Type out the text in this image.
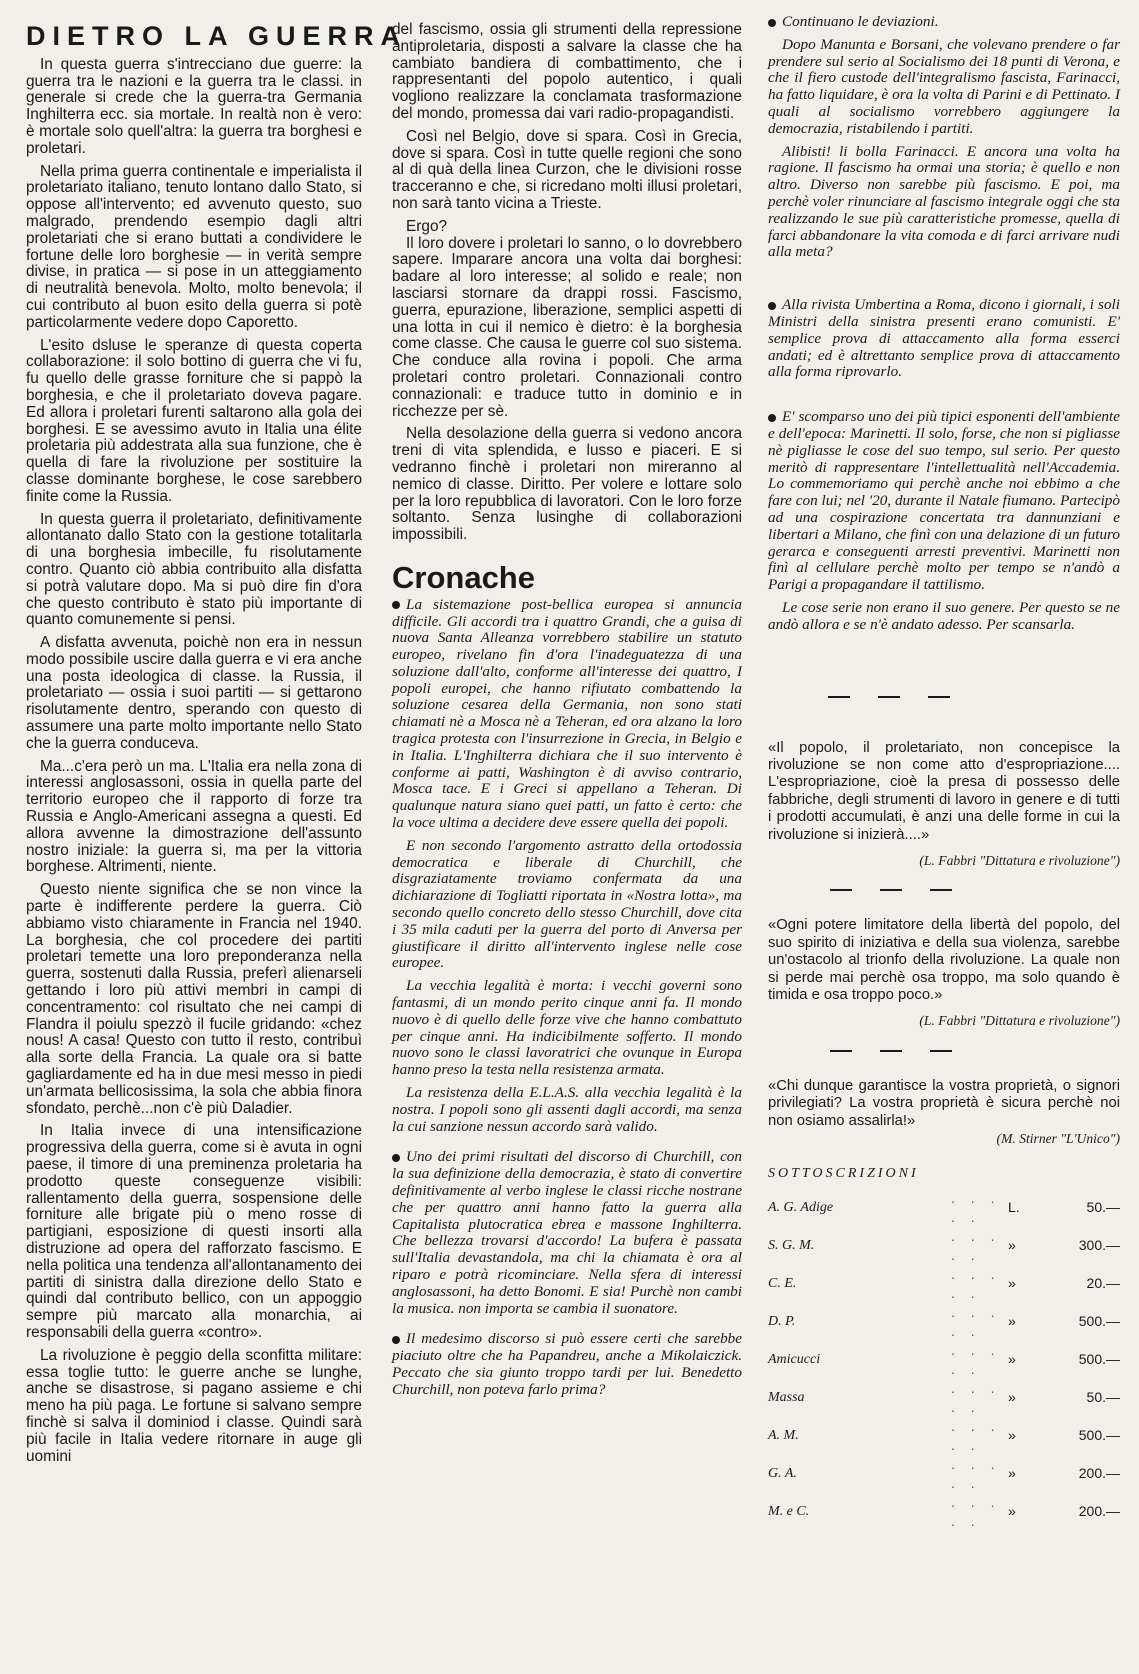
DIETRO LA GUERRA

In questa guerra s'intrecciano due guerre: la guerra tra le nazioni e la guerra tra le classi. in generale si crede che la guerra-tra Germania Inghilterra ecc. sia mortale. In realtà non è vero: è mortale solo quell'altra: la guerra tra borghesi e proletari.

Nella prima guerra continentale e imperialista il proletariato italiano, tenuto lontano dallo Stato, si oppose all'intervento; ed avvenuto questo, suo malgrado, prendendo esempio dagli altri proletariati che si erano buttati a condividere le fortune delle loro borghesie — in verità sempre divise, in pratica — si pose in un atteggiamento di neutralità benevola. Molto, molto benevola; il cui contributo al buon esito della guerra si potè particolarmente vedere dopo Caporetto.

L'esito dsluse le speranze di questa coperta collaborazione: il solo bottino di guerra che vi fu, fu quello delle grasse forniture che si pappò la borghesia, e che il proletariato doveva pagare. Ed allora i proletari furenti saltarono alla gola dei borghesi. E se avessimo avuto in Italia una élite proletaria più addestrata alla sua funzione, che è quella di fare la rivoluzione per sostituire la classe dominante borghese, le cose sarebbero finite come la Russia.

In questa guerra il proletariato, definitivamente allontanato dallo Stato con la gestione totalitarla di una borghesia imbecille, fu risolutamente contro. Quanto ciò abbia contribuito alla disfatta si potrà valutare dopo. Ma si può dire fin d'ora che questo contributo è stato più importante di quanto comunemente si pensi.

A disfatta avvenuta, poichè non era in nessun modo possibile uscire dalla guerra e vi era anche una posta ideologica di classe. la Russia, il proletariato — ossia i suoi partiti — si gettarono risolutamente dentro, sperando con questo di assumere una parte molto importante nello Stato che la guerra conduceva.

Ma...c'era però un ma. L'Italia era nella zona di interessi anglosassoni, ossia in quella parte del territorio europeo che il rapporto di forze tra Russia e Anglo-Americani assegna a questi. Ed allora avvenne la dimostrazione dell'assunto nostro iniziale: la guerra si, ma per la vittoria borghese. Altrimenti, niente.

Questo niente significa che se non vince la parte è indifferente perdere la guerra. Ciò abbiamo visto chiaramente in Francia nel 1940. La borghesia, che col procedere dei partiti proletari temette una loro preponderanza nella guerra, sostenuti dalla Russia, preferì alienarseli gettando i loro più attivi membri in campi di concentramento: col risultato che nei campi di Flandra il poiulu spezzò il fucile gridando: «chez nous! A casa! Questo con tutto il resto, contribuì alla sorte della Francia. La quale ora si batte gagliardamente ed ha in due mesi messo in piedi un'armata bellicosissima, la sola che abbia finora sfondato, perchè...non c'è più Daladier.

In Italia invece di una intensificazione progressiva della guerra, come si è avuta in ogni paese, il timore di una preminenza proletaria ha prodotto queste conseguenze visibili: rallentamento della guerra, sospensione delle forniture alle brigate più o meno rosse di partigiani, esposizione di questi insorti alla distruzione ad opera del rafforzato fascismo. E nella politica una tendenza all'allontanamento dei partiti di sinistra dalla direzione dello Stato e quindi dal contributo bellico, con un appoggio sempre più marcato alla monarchia, ai responsabili della guerra «contro».

La rivoluzione è peggio della sconfitta militare: essa toglie tutto: le guerre anche se lunghe, anche se disastrose, si pagano assieme e chi meno ha più paga. Le fortune si salvano sempre finchè si salva il dominiod i classe. Quindi sarà più facile in Italia vedere ritornare in auge gli uomini

del fascismo, ossia gli strumenti della repressione antiproletaria, disposti a salvare la classe che ha cambiato bandiera di combattimento, che i rappresentanti del popolo autentico, i quali vogliono realizzare la conclamata trasformazione del mondo, promessa dai vari radio-propagandisti.

Così nel Belgio, dove si spara. Così in Grecia, dove si spara. Così in tutte quelle regioni che sono al di quà della linea Curzon, che le divisioni rosse tracceranno e che, si ricredano molti illusi proletari, non sarà tanto vicina a Trieste.

Ergo?

Il loro dovere i proletari lo sanno, o lo dovrebbero sapere. Imparare ancora una volta dai borghesi: badare al loro interesse; al solido e reale; non lasciarsi stornare da drappi rossi. Fascismo, guerra, epurazione, liberazione, semplici aspetti di una lotta in cui il nemico è dietro: è la borghesia come classe. Che causa le guerre col suo sistema. Che conduce alla rovina i popoli. Che arma proletari contro proletari. Connazionali contro connazionali: e traduce tutto in dominio e in ricchezze per sè.

Nella desolazione della guerra si vedono ancora treni di vita splendida, e lusso e piaceri. E si vedranno finchè i proletari non mireranno al nemico di classe. Diritto. Per volere e lottare solo per la loro repubblica di lavoratori. Con le loro forze soltanto. Senza lusinghe di collaborazioni impossibili.

Cronache

La sistemazione post-bellica europea si annuncia difficile. Gli accordi tra i quattro Grandi, che a guisa di nuova Santa Alleanza vorrebbero stabilire un statuto europeo, rivelano fin d'ora l'inadeguatezza di una soluzione dall'alto, conforme all'interesse dei quattro, I popoli europei, che hanno rifiutato combattendo la soluzione cesarea della Germania, non sono stati chiamati nè a Mosca nè a Teheran, ed ora alzano la loro tragica protesta con l'insurrezione in Grecia, in Belgio e in Italia. L'Inghilterra dichiara che il suo intervento è conforme ai patti, Washington è di avviso contrario, Mosca tace. E i Greci si appellano a Teheran. Di qualunque natura siano quei patti, un fatto è certo: che la voce ultima a decidere deve essere quella dei popoli.

E non secondo l'argomento astratto della ortodossia democratica e liberale di Churchill, che disgraziatamente troviamo confermata da una dichiarazione di Togliatti riportata in «Nostra lotta», ma secondo quello concreto dello stesso Churchill, dove cita i 35 mila caduti per la guerra del porto di Anversa per giustificare il diritto all'intervento inglese nelle cose europee.

La vecchia legalità è morta: i vecchi governi sono fantasmi, di un mondo perito cinque anni fa. Il mondo nuovo è di quello delle forze vive che hanno combattuto per cinque anni. Ha indicibilmente sofferto. Il mondo nuovo sono le classi lavoratrici che ovunque in Europa hanno preso la testa nella resistenza armata.

La resistenza della E.L.A.S. alla vecchia legalità è la nostra. I popoli sono gli assenti dagli accordi, ma senza la cui sanzione nessun accordo sarà valido.

Uno dei primi risultati del discorso di Churchill, con la sua definizione della democrazia, è stato di convertire definitivamente al verbo inglese le classi ricche nostrane che per quattro anni hanno fatto la guerra alla Capitalista plutocratica ebrea e massone Inghilterra. Che bellezza trovarsi d'accordo! La bufera è passata sull'Italia devastandola, ma chi la chiamata è ora al riparo e potrà ricominciare. Nella sfera di interessi anglosassoni, ha detto Bonomi. E sia! Purchè non cambi la musica. non importa se cambia il suonatore.

Il medesimo discorso si può essere certi che sarebbe piaciuto oltre che ha Papandreu, anche a Mikolaiczick. Peccato che sia giunto troppo tardi per lui. Benedetto Churchill, non poteva farlo prima?

Continuano le deviazioni.

Dopo Manunta e Borsani, che volevano prendere o far prendere sul serio al Socialismo dei 18 punti di Verona, e che il fiero custode dell'integralismo fascista, Farinacci, ha fatto liquidare, è ora la volta di Parini e di Pettinato. I quali al socialismo vorrebbero aggiungere la democrazia, ristabilendo i partiti.

Alibisti! li bolla Farinacci. E ancora una volta ha ragione. Il fascismo ha ormai una storia; è quello e non altro. Diverso non sarebbe più fascismo. E poi, ma perchè voler rinunciare al fascismo integrale oggi che sta realizzando le sue più caratteristiche promesse, quella di farci abbandonare la vita comoda e di farci arrivare nudi alla meta?

Alla rivista Umbertina a Roma, dicono i giornali, i soli Ministri della sinistra presenti erano comunisti. E' semplice prova di attaccamento alla forma esserci andati; ed è altrettanto semplice prova di attaccamento alla forma riprovarlo.

E' scomparso uno dei più tipici esponenti dell'ambiente e dell'epoca: Marinetti. Il solo, forse, che non si pigliasse nè pigliasse le cose del suo tempo, sul serio. Per questo meritò di rappresentare l'intellettualità nell'Accademia. Lo commemoriamo qui perchè anche noi ebbimo a che fare con lui; nel '20, durante il Natale fiumano. Partecipò ad una cospirazione concertata tra dannunziani e libertari a Milano, che finì con una delazione di un futuro gerarca e conseguenti arresti preventivi. Marinetti non finì al cellulare perchè molto per tempo se n'andò a Parigi a propagandare il tattilismo.

Le cose serie non erano il suo genere. Per questo se ne andò allora e se n'è andato adesso. Per scansarla.

«Il popolo, il proletariato, non concepisce la rivoluzione se non come atto d'espropriazione.... L'espropriazione, cioè la presa di possesso delle fabbriche, degli strumenti di lavoro in genere e di tutti i prodotti accumulati, è anzi una delle forme in cui la rivoluzione si inizierà....»

(L. Fabbri "Dittatura e rivoluzione")

«Ogni potere limitatore della libertà del popolo, del suo spirito di iniziativa e della sua violenza, sarebbe un'ostacolo al trionfo della rivoluzione. La quale non si perde mai perchè osa troppo, ma solo quando è timida e osa troppo poco.»

(L. Fabbri "Dittatura e rivoluzione")

«Chi dunque garantisce la vostra proprietà, o signori privilegiati? La vostra proprietà è sicura perchè noi non osiamo assalirla!»

(M. Stirner "L'Unico")
SOTTOSCRIZIONI
A. G. Adige	. . . . .	L.	50.—
S. G. M.	. . . . .	»	300.—
C. E.	. . . . .	»	20.—
D. P.	. . . . .	»	500.—
Amicucci	. . . . .	»	500.—
Massa	. . . . .	»	50.—
A. M.	. . . . .	»	500.—
G. A.	. . . . .	»	200.—
M. e C.	. . . . .	»	200.—
